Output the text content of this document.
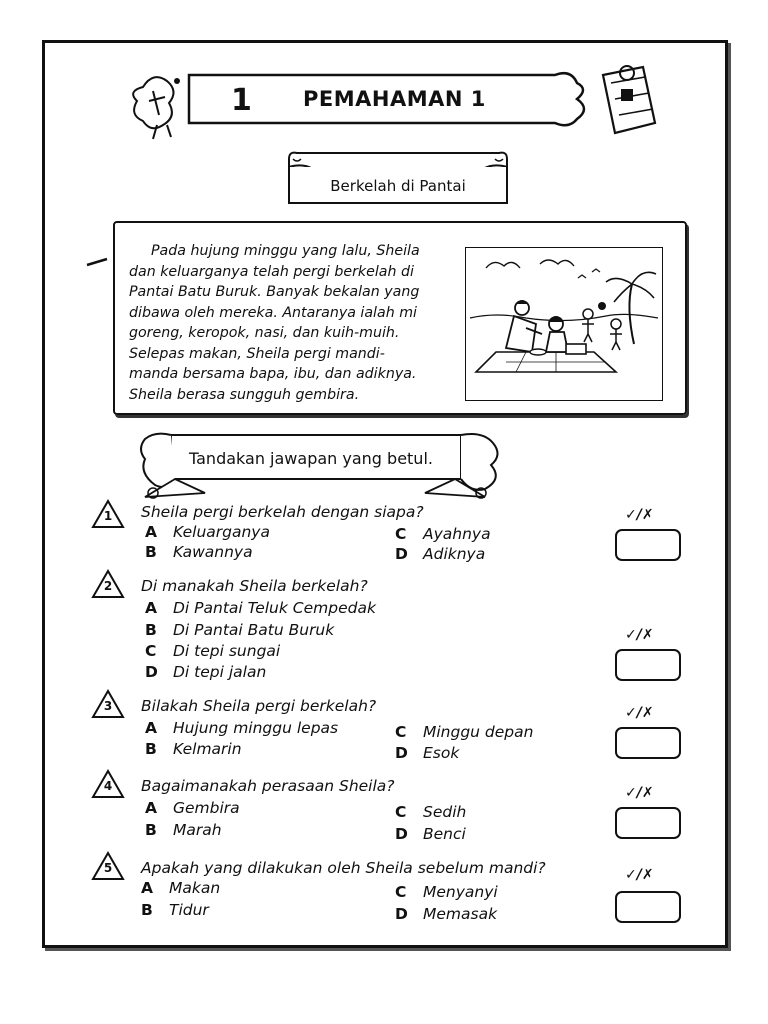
1 PEMAHAMAN 1
Berkelah di Pantai
Pada hujung minggu yang lalu, Sheila
dan keluarganya telah pergi berkelah di
Pantai Batu Buruk. Banyak bekalan yang
dibawa oleh mereka. Antaranya ialah mi
goreng, keropok, nasi, dan kuih-muih.
Selepas makan, Sheila pergi mandi-
manda bersama bapa, ibu, dan adiknya.
Sheila berasa sungguh gembira.
Tandakan jawapan yang betul.
1	Sheila pergi berkelah dengan siapa?
A Keluarganya
B Kawannya
C Ayahnya
D Adiknya
✓/✗
2	Di manakah Sheila berkelah?
A Di Pantai Teluk Cempedak
B Di Pantai Batu Buruk
C Di tepi sungai
D Di tepi jalan
✓/✗
3	Bilakah Sheila pergi berkelah?
A Hujung minggu lepas
B Kelmarin
C Minggu depan
D Esok
✓/✗
4	Bagaimanakah perasaan Sheila?
A Gembira
B Marah
C Sedih
D Benci
✓/✗
5	Apakah yang dilakukan oleh Sheila sebelum mandi?
A Makan
B Tidur
C Menyanyi
D Memasak
✓/✗
